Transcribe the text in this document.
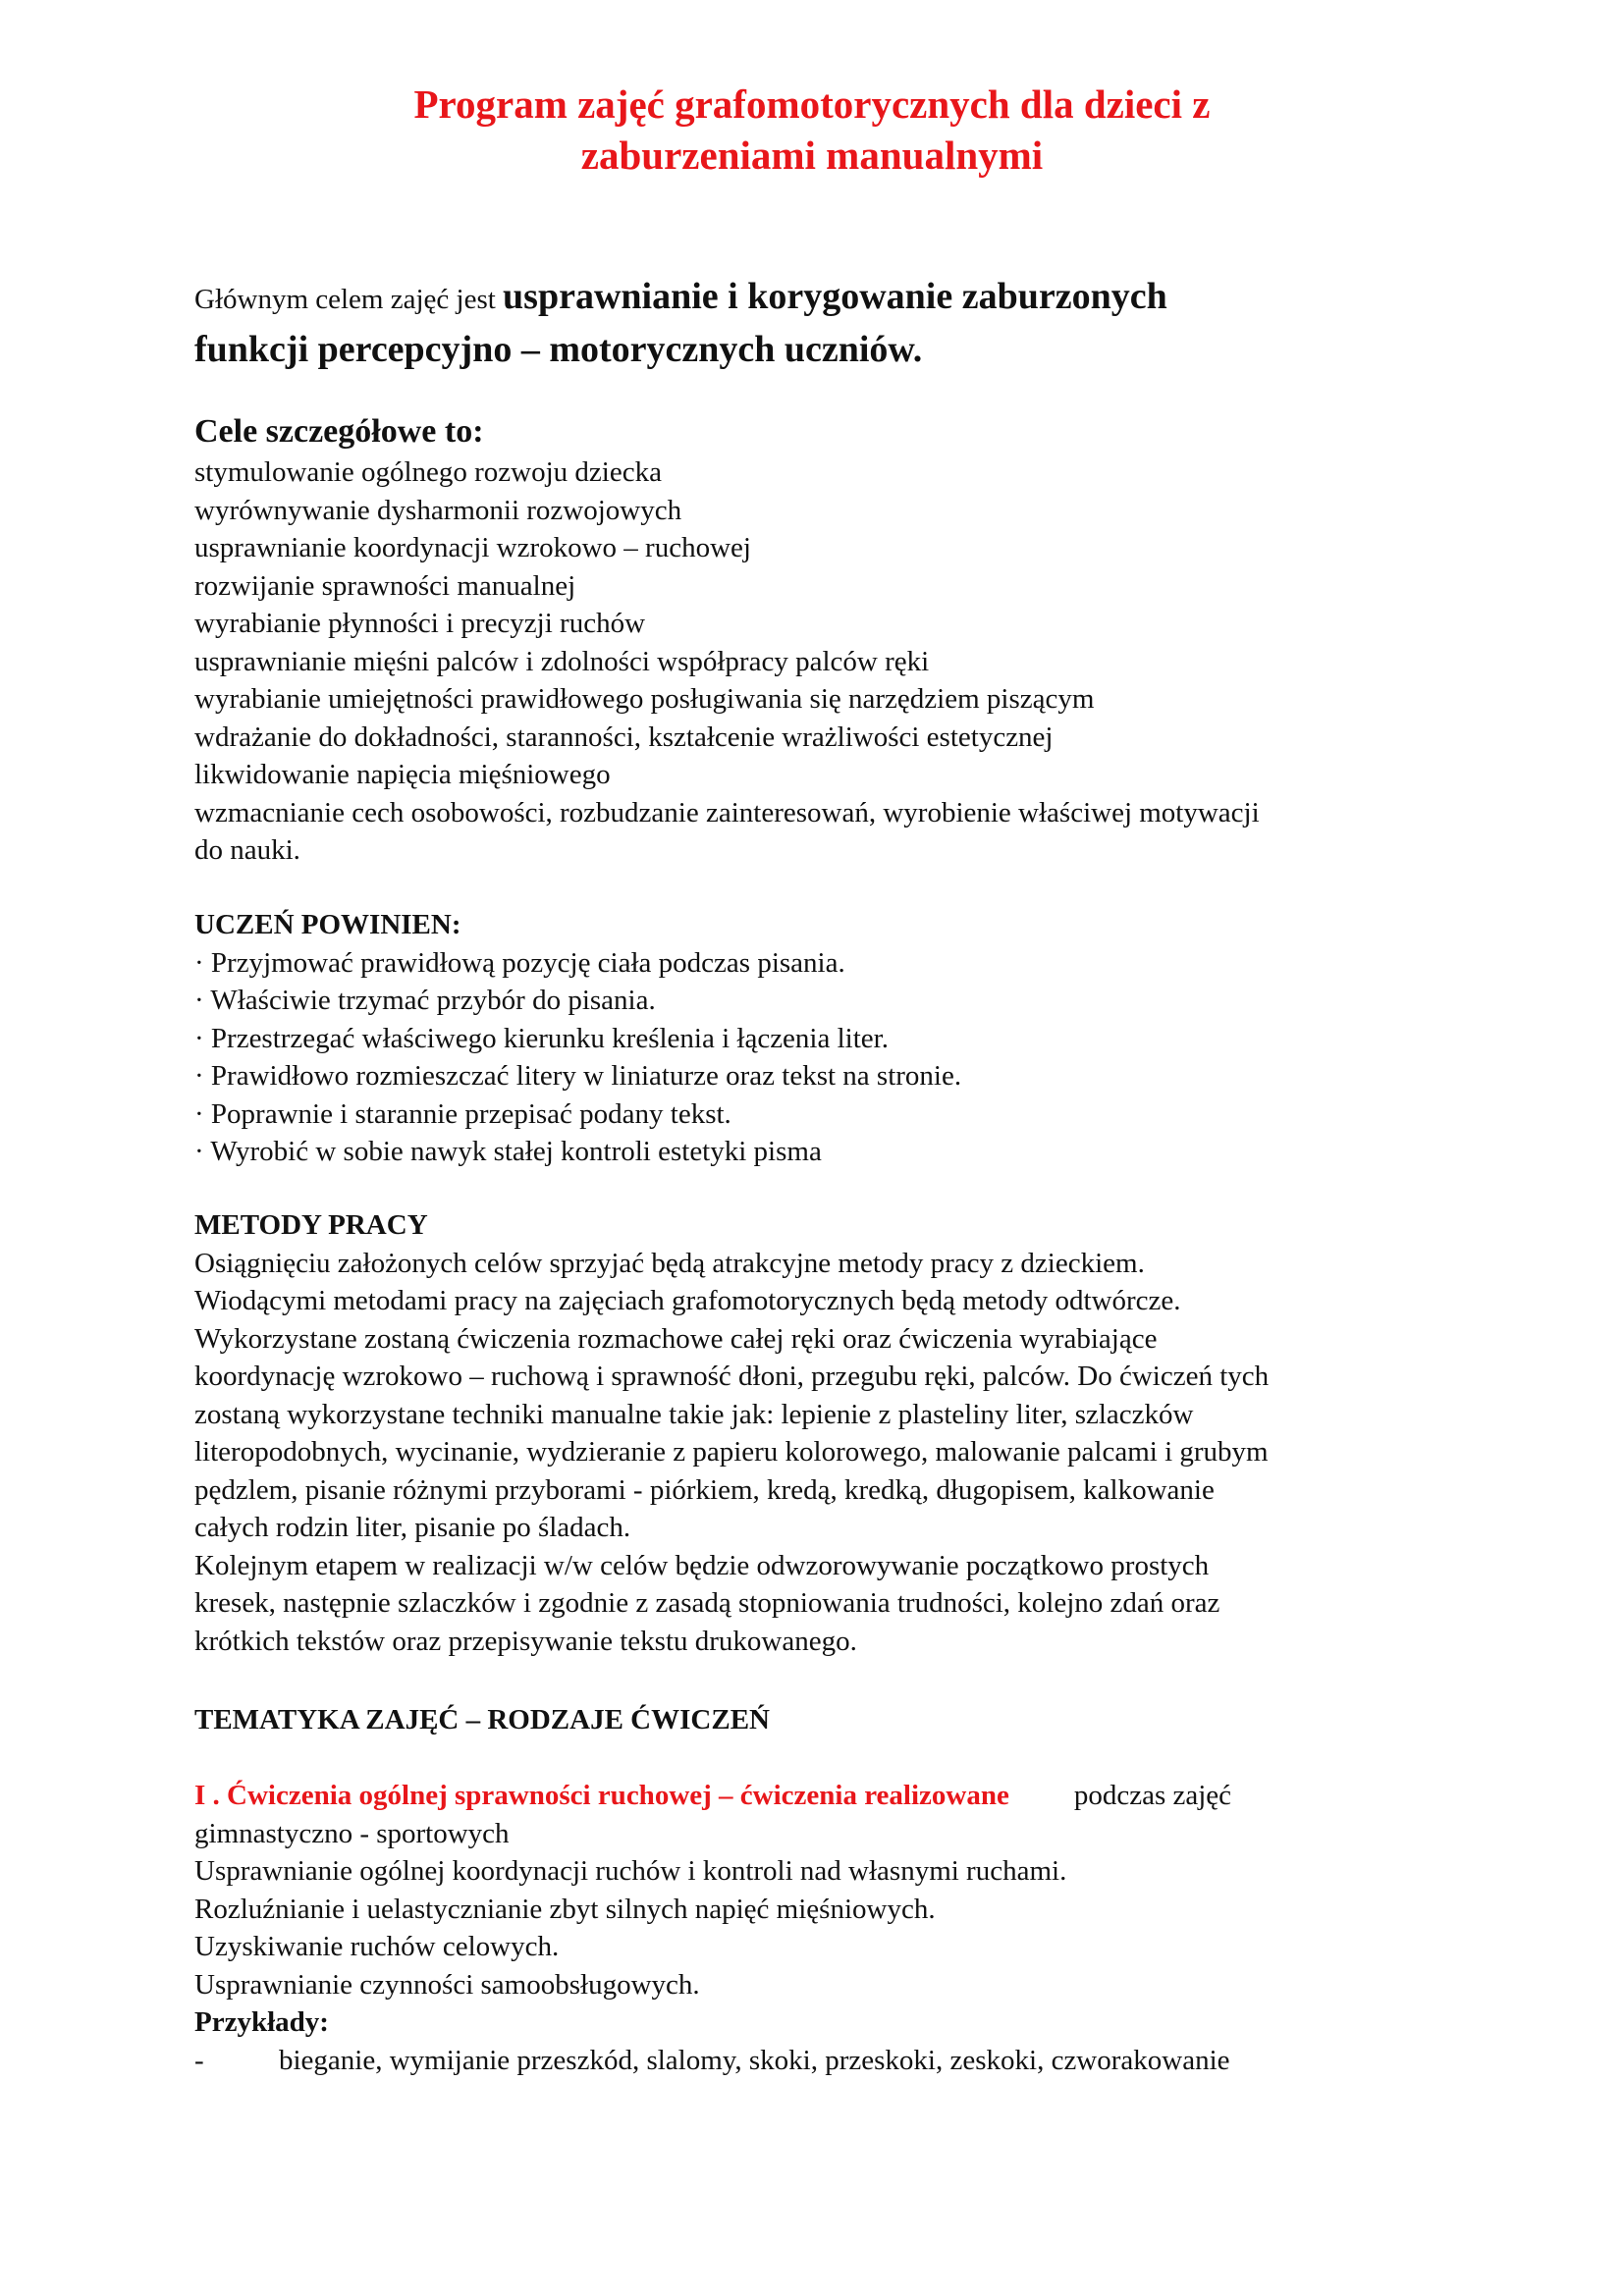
Program zajęć grafomotorycznych dla dzieci z
zaburzeniami manualnymi
Głównym celem zajęć jest usprawnianie i korygowanie zaburzonych
funkcji percepcyjno – motorycznych uczniów.
Cele szczegółowe to:
stymulowanie ogólnego rozwoju dziecka
wyrównywanie dysharmonii rozwojowych
usprawnianie koordynacji wzrokowo – ruchowej
rozwijanie sprawności manualnej
wyrabianie płynności i precyzji ruchów
usprawnianie mięśni palców i zdolności współpracy palców ręki
wyrabianie umiejętności prawidłowego posługiwania się narzędziem piszącym
wdrażanie do dokładności, staranności, kształcenie wrażliwości estetycznej
likwidowanie napięcia mięśniowego
wzmacnianie cech osobowości, rozbudzanie zainteresowań, wyrobienie właściwej motywacji
do nauki.
UCZEŃ POWINIEN:
· Przyjmować prawidłową pozycję ciała podczas pisania.
· Właściwie trzymać przybór do pisania.
· Przestrzegać właściwego kierunku kreślenia i łączenia liter.
· Prawidłowo rozmieszczać litery w liniaturze oraz tekst na stronie.
· Poprawnie i starannie przepisać podany tekst.
· Wyrobić w sobie nawyk stałej kontroli estetyki pisma
METODY PRACY
Osiągnięciu założonych celów sprzyjać będą atrakcyjne metody pracy z dzieckiem.
Wiodącymi metodami pracy na zajęciach grafomotorycznych będą metody odtwórcze.
Wykorzystane zostaną ćwiczenia rozmachowe całej ręki oraz ćwiczenia wyrabiające
koordynację wzrokowo – ruchową i sprawność dłoni, przegubu ręki, palców. Do ćwiczeń tych
zostaną wykorzystane techniki manualne takie jak: lepienie z plasteliny liter, szlaczków
literopodobnych, wycinanie, wydzieranie z papieru kolorowego, malowanie palcami i grubym
pędzlem, pisanie różnymi przyborami - piórkiem, kredą, kredką, długopisem, kalkowanie
całych rodzin liter, pisanie po śladach.
Kolejnym etapem w realizacji w/w celów będzie odwzorowywanie początkowo prostych
kresek, następnie szlaczków i zgodnie z zasadą stopniowania trudności, kolejno zdań oraz
krótkich tekstów oraz przepisywanie tekstu drukowanego.
TEMATYKA ZAJĘĆ – RODZAJE ĆWICZEŃ
I . Ćwiczenia ogólnej sprawności ruchowej – ćwiczenia realizowane podczas zajęć
gimnastyczno - sportowych
Usprawnianie ogólnej koordynacji ruchów i kontroli nad własnymi ruchami.
Rozluźnianie i uelastycznianie zbyt silnych napięć mięśniowych.
Uzyskiwanie ruchów celowych.
Usprawnianie czynności samoobsługowych.
Przykłady:
-	bieganie, wymijanie przeszkód, slalomy, skoki, przeskoki, zeskoki, czworakowanie
